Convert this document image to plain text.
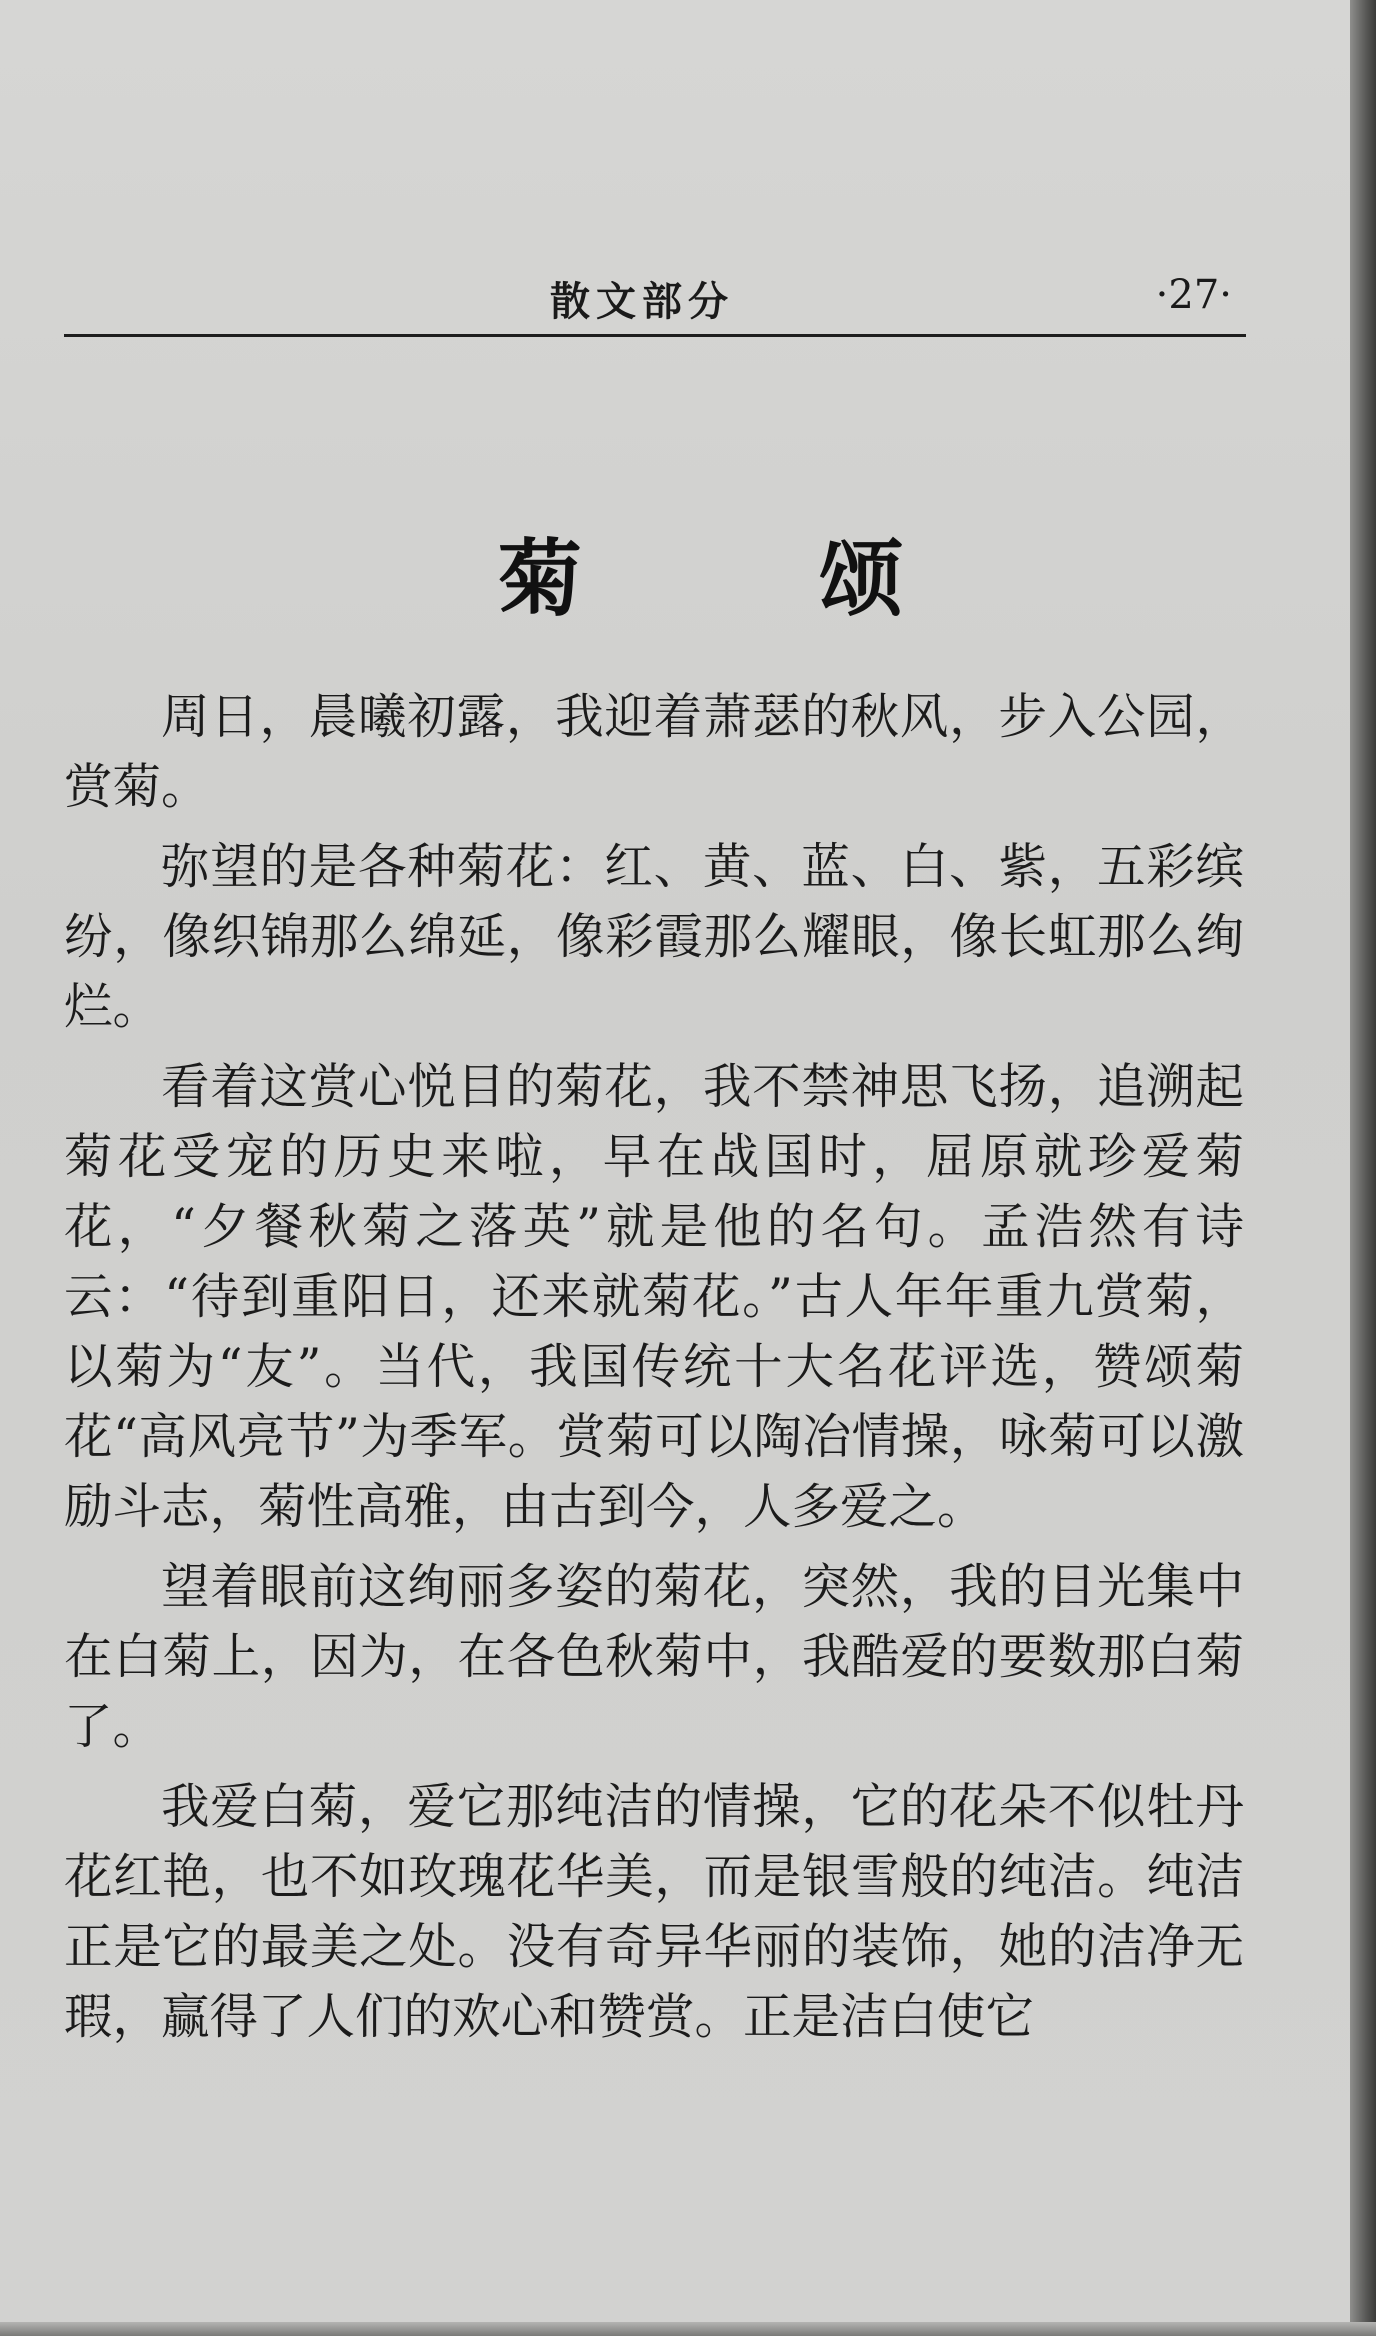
散文部分	·27·
菊 颂

周日，晨曦初露，我迎着萧瑟的秋风，步入公园，赏菊。

弥望的是各种菊花：红、黄、蓝、白、紫，五彩缤纷，像织锦那么绵延，像彩霞那么耀眼，像长虹那么绚烂。

看着这赏心悦目的菊花，我不禁神思飞扬，追溯起菊花受宠的历史来啦，早在战国时，屈原就珍爱菊花，“夕餐秋菊之落英”就是他的名句。孟浩然有诗云：“待到重阳日，还来就菊花。”古人年年重九赏菊，以菊为“友”。当代，我国传统十大名花评选，赞颂菊花“高风亮节”为季军。赏菊可以陶冶情操，咏菊可以激励斗志，菊性高雅，由古到今，人多爱之。

望着眼前这绚丽多姿的菊花，突然，我的目光集中在白菊上，因为，在各色秋菊中，我酷爱的要数那白菊了。

我爱白菊，爱它那纯洁的情操，它的花朵不似牡丹花红艳，也不如玫瑰花华美，而是银雪般的纯洁。纯洁正是它的最美之处。没有奇异华丽的装饰，她的洁净无瑕，赢得了人们的欢心和赞赏。正是洁白使它
